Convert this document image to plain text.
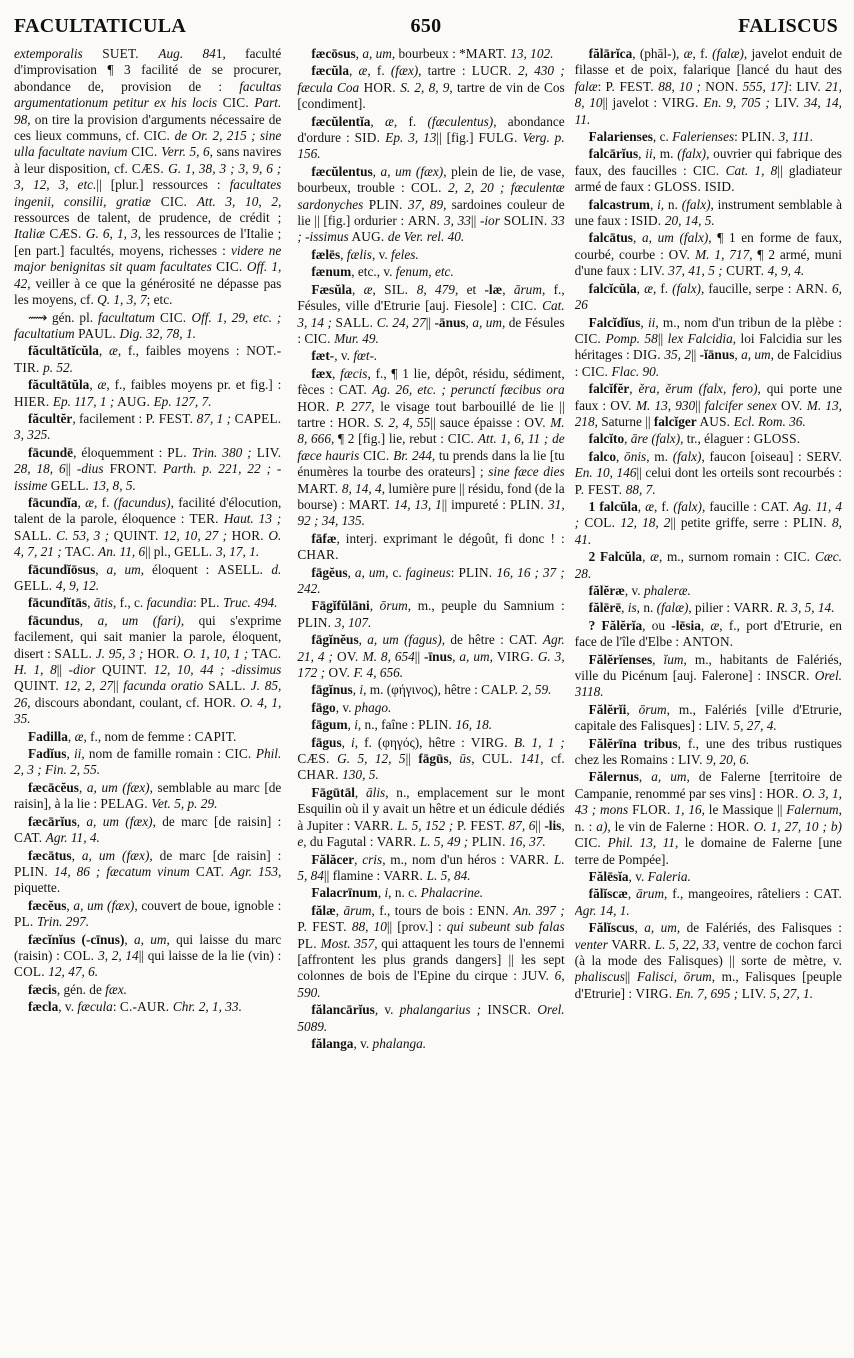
FACULTATICULA	650	FALISCUS

extemporalis SUET. Aug. 841, faculté d'improvisation ¶ 3 facilité de se procurer, abondance de, provision de : facultas argumentationum petitur ex his locis CIC. Part. 98, on tire la provision d'arguments nécessaire de ces lieux communs, cf. CIC. de Or. 2, 215 ; sine ulla facultate navium CIC. Verr. 5, 6, sans navires à leur disposition, cf. CÆS. G. 1, 38, 3 ; 3, 9, 6 ; 3, 12, 3, etc.|| [plur.] ressources : facultates ingenii, consilii, gratiæ CIC. Att. 3, 10, 2, ressources de talent, de prudence, de crédit ; Italiæ CÆS. G. 6, 1, 3, les ressources de l'Italie ; [en part.] facultés, moyens, richesses : videre ne major benignitas sit quam facultates CIC. Off. 1, 42, veiller à ce que la générosité ne dépasse pas les moyens, cf. Q. 1, 3, 7; etc.

⟿ gén. pl. facultatum CIC. Off. 1, 29, etc. ; facultatium PAUL. Dig. 32, 78, 1.

făcultātĭcŭla, æ, f., faibles moyens : NOT.-TIR. p. 52.

făcultātŭla, æ, f., faibles moyens pr. et fig.] : HIER. Ep. 117, 1 ; AUG. Ep. 127, 7.

făcultĕr, facilement : P. FEST. 87, 1 ; CAPEL. 3, 325.

fācundē, éloquemment : PL. Trin. 380 ; LIV. 28, 18, 6|| -dius FRONT. Parth. p. 221, 22 ; -issime GELL. 13, 8, 5.

fācundĭa, æ, f. (facundus), facilité d'élocution, talent de la parole, éloquence : TER. Haut. 13 ; SALL. C. 53, 3 ; QUINT. 12, 10, 27 ; HOR. O. 4, 7, 21 ; TAC. An. 11, 6|| pl., GELL. 3, 17, 1.

fācundĭōsus, a, um, éloquent : ASELL. d. GELL. 4, 9, 12.

fācundĭtās, ātis, f., c. facundia: PL. Truc. 494.

fācundus, a, um (fari), qui s'exprime facilement, qui sait manier la parole, éloquent, disert : SALL. J. 95, 3 ; HOR. O. 1, 10, 1 ; TAC. H. 1, 8|| -dior QUINT. 12, 10, 44 ; -dissimus QUINT. 12, 2, 27|| facunda oratio SALL. J. 85, 26, discours abondant, coulant, cf. HOR. O. 4, 1, 35.

Fadilla, æ, f., nom de femme : CAPIT.

Fadĭus, ii, nom de famille romain : CIC. Phil. 2, 3 ; Fin. 2, 55.

fæcācĕus, a, um (fæx), semblable au marc [de raisin], à la lie : PELAG. Vet. 5, p. 29.

fæcārĭus, a, um (fæx), de marc [de raisin] : CAT. Agr. 11, 4.

fæcātus, a, um (fæx), de marc [de raisin] : PLIN. 14, 86 ; fæcatum vinum CAT. Agr. 153, piquette.

fæcĕus, a, um (fæx), couvert de boue, ignoble : PL. Trin. 297.

fæcĭnĭus (-cīnus), a, um, qui laisse du marc (raisin) : COL. 3, 2, 14|| qui laisse de la lie (vin) : COL. 12, 47, 6.

fæcis, gén. de fæx.

fæcla, v. fæcula: C.-AUR. Chr. 2, 1, 33.

fæcōsus, a, um, bourbeux : *MART. 13, 102.

fæcŭla, æ, f. (fæx), tartre : LUCR. 2, 430 ; fæcula Coa HOR. S. 2, 8, 9, tartre de vin de Cos [condiment].

fæcŭlentĭa, æ, f. (fæculentus), abondance d'ordure : SID. Ep. 3, 13|| [fig.] FULG. Verg. p. 156.

fæcŭlentus, a, um (fæx), plein de lie, de vase, bourbeux, trouble : COL. 2, 2, 20 ; fæculentæ sardonyches PLIN. 37, 89, sardoines couleur de lie || [fig.] ordurier : ARN. 3, 33|| -ior SOLIN. 33 ; -issimus AUG. de Ver. rel. 40.

fælēs, fælis, v. feles.

fænum, etc., v. fenum, etc.

Fæsŭla, æ, SIL. 8, 479, et -læ, ārum, f., Fésules, ville d'Etrurie [auj. Fiesole] : CIC. Cat. 3, 14 ; SALL. C. 24, 27|| -ānus, a, um, de Fésules : CIC. Mur. 49.

fæt-, v. fœt-.

fæx, fæcis, f., ¶ 1 lie, dépôt, résidu, sédiment, fèces : CAT. Ag. 26, etc. ; perunctí fæcibus ora HOR. P. 277, le visage tout barbouillé de lie || tartre : HOR. S. 2, 4, 55|| sauce épaisse : OV. M. 8, 666, ¶ 2 [fig.] lie, rebut : CIC. Att. 1, 6, 11 ; de fæce hauris CIC. Br. 244, tu prends dans la lie [tu énumères la tourbe des orateurs] ; sine fæce dies MART. 8, 14, 4, lumière pure || résidu, fond (de la bourse) : MART. 14, 13, 1|| impureté : PLIN. 31, 92 ; 34, 135.

fāfæ, interj. exprimant le dégoût, fi donc ! : CHAR.

fāgĕus, a, um, c. fagineus: PLIN. 16, 16 ; 37 ; 242.

Fāgĭfŭlāni, ōrum, m., peuple du Samnium : PLIN. 3, 107.

fāgĭnĕus, a, um (fagus), de hêtre : CAT. Agr. 21, 4 ; OV. M. 8, 654|| -īnus, a, um, VIRG. G. 3, 172 ; OV. F. 4, 656.

fāgĭnus, i, m. (φήγινος), hêtre : CALP. 2, 59.

fāgo, v. phago.

fāgum, i, n., faîne : PLIN. 16, 18.

fāgus, i, f. (φηγός), hêtre : VIRG. B. 1, 1 ; CÆS. G. 5, 12, 5|| fāgūs, ūs, CUL. 141, cf. CHAR. 130, 5.

Fāgūtāl, ālis, n., emplacement sur le mont Esquilin où il y avait un hêtre et un édicule dédiés à Jupiter : VARR. L. 5, 152 ; P. FEST. 87, 6|| -lis, e, du Fagutal : VARR. L. 5, 49 ; PLIN. 16, 37.

Fălăcer, cris, m., nom d'un héros : VARR. L. 5, 84|| flamine : VARR. L. 5, 84.

Falacrīnum, i, n. c. Phalacrine.

fălæ, ārum, f., tours de bois : ENN. An. 397 ; P. FEST. 88, 10|| [prov.] : qui subeunt sub falas PL. Most. 357, qui attaquent les tours de l'ennemi [affrontent les plus grands dangers] || les sept colonnes de bois de l'Epine du cirque : JUV. 6, 590.

fălancārĭus, v. phalangarius ; INSCR. Orel. 5089.

fălanga, v. phalanga.

fălārĭca, (phāl-), æ, f. (falæ), javelot enduit de filasse et de poix, falarique [lancé du haut des falæ: P. FEST. 88, 10 ; NON. 555, 17]: LIV. 21, 8, 10|| javelot : VIRG. En. 9, 705 ; LIV. 34, 14, 11.

Falarienses, c. Falerienses: PLIN. 3, 111.

falcārĭus, ii, m. (falx), ouvrier qui fabrique des faux, des faucilles : CIC. Cat. 1, 8|| gladiateur armé de faux : GLOSS. ISID.

falcastrum, i, n. (falx), instrument semblable à une faux : ISID. 20, 14, 5.

falcātus, a, um (falx), ¶ 1 en forme de faux, courbé, courbe : OV. M. 1, 717, ¶ 2 armé, muni d'une faux : LIV. 37, 41, 5 ; CURT. 4, 9, 4.

falcĭcŭla, æ, f. (falx), faucille, serpe : ARN. 6, 26

Falcĭdĭus, ii, m., nom d'un tribun de la plèbe : CIC. Pomp. 58|| lex Falcidia, loi Falcidia sur les héritages : DIG. 35, 2|| -ĭānus, a, um, de Falcidius : CIC. Flac. 90.

falcĭfĕr, ĕra, ĕrum (falx, fero), qui porte une faux : OV. M. 13, 930|| falcifer senex OV. M. 13, 218, Saturne || falcĭger AUS. Ecl. Rom. 36.

falcĭto, āre (falx), tr., élaguer : GLOSS.

falco, ōnis, m. (falx), faucon [oiseau] : SERV. En. 10, 146|| celui dont les orteils sont recourbés : P. FEST. 88, 7.

1 falcŭla, æ, f. (falx), faucille : CAT. Ag. 11, 4 ; COL. 12, 18, 2|| petite griffe, serre : PLIN. 8, 41.

2 Falcŭla, æ, m., surnom romain : CIC. Cæc. 28.

fălĕræ, v. phaleræ.

fălērē, is, n. (falæ), pilier : VARR. R. 3, 5, 14.

? Fălĕrĭa, ou -lēsia, æ, f., port d'Etrurie, en face de l'île d'Elbe : ANTON.

Fălĕrĭenses, ĭum, m., habitants de Falériés, ville du Picénum [auj. Falerone] : INSCR. Orel. 3118.

Fălĕrĭi, ōrum, m., Falériés [ville d'Etrurie, capitale des Falisques] : LIV. 5, 27, 4.

Fălĕrīna tribus, f., une des tribus rustiques chez les Romains : LIV. 9, 20, 6.

Fălernus, a, um, de Falerne [territoire de Campanie, renommé par ses vins] : HOR. O. 3, 1, 43 ; mons FLOR. 1, 16, le Massique || Falernum, n. : a), le vin de Falerne : HOR. O. 1, 27, 10 ; b) CIC. Phil. 13, 11, le domaine de Falerne [une terre de Pompée].

Fălēsĭa, v. Faleria.

fălĭscæ, ārum, f., mangeoires, râteliers : CAT. Agr. 14, 1.

Fălĭscus, a, um, de Falériés, des Falisques : venter VARR. L. 5, 22, 33, ventre de cochon farci (à la mode des Falisques) || sorte de mètre, v. phaliscus|| Falisci, ōrum, m., Falisques [peuple d'Etrurie] : VIRG. En. 7, 695 ; LIV. 5, 27, 1.
